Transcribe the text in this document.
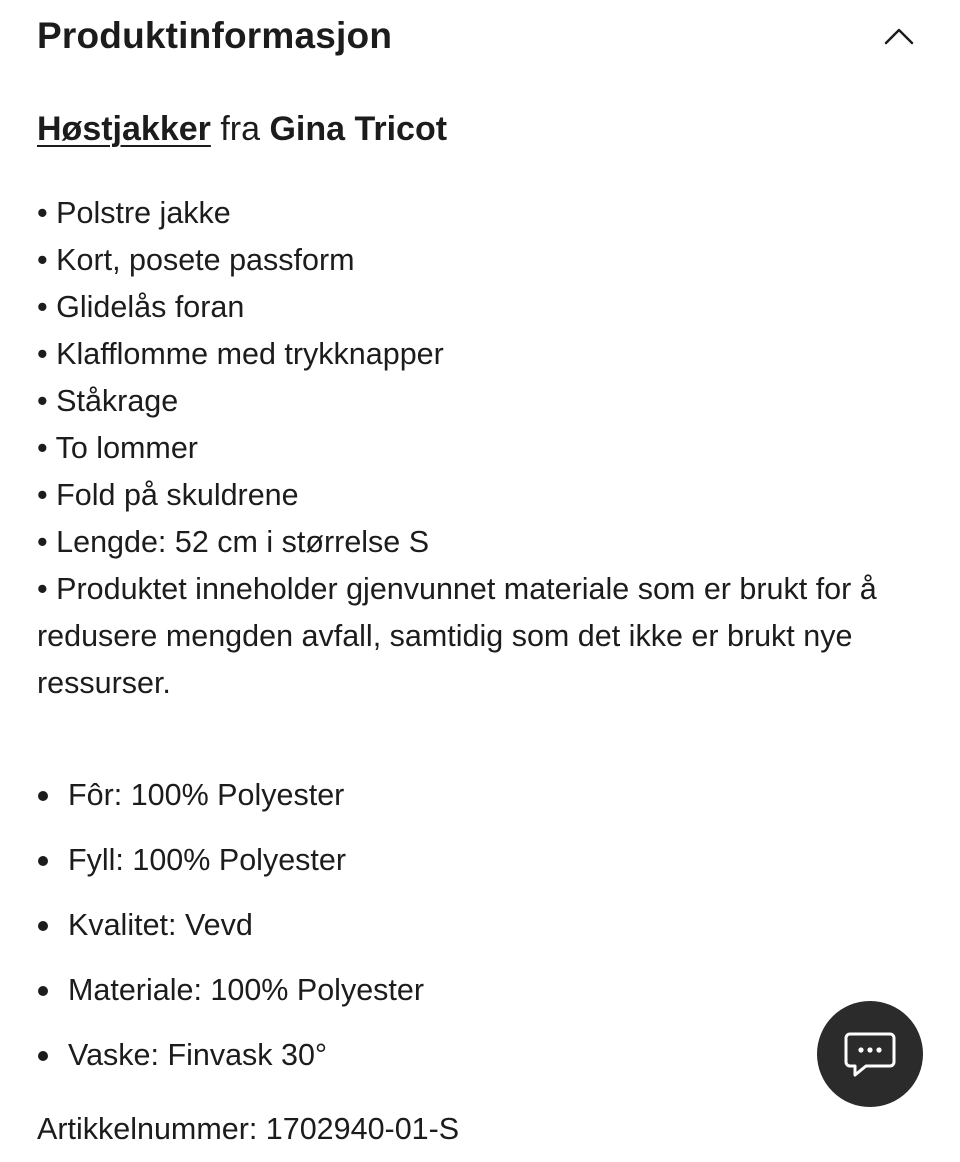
Produktinformasjon
Høstjakker fra Gina Tricot
• Polstre jakke
• Kort, posete passform
• Glidelås foran
• Klafflomme med trykknapper
• Ståkrage
• To lommer
• Fold på skuldrene
• Lengde: 52 cm i størrelse S
• Produktet inneholder gjenvunnet materiale som er brukt for å redusere mengden avfall, samtidig som det ikke er brukt nye ressurser.
Fôr: 100% Polyester
Fyll: 100% Polyester
Kvalitet: Vevd
Materiale: 100% Polyester
Vaske: Finvask 30°
Artikkelnummer: 1702940-01-S
